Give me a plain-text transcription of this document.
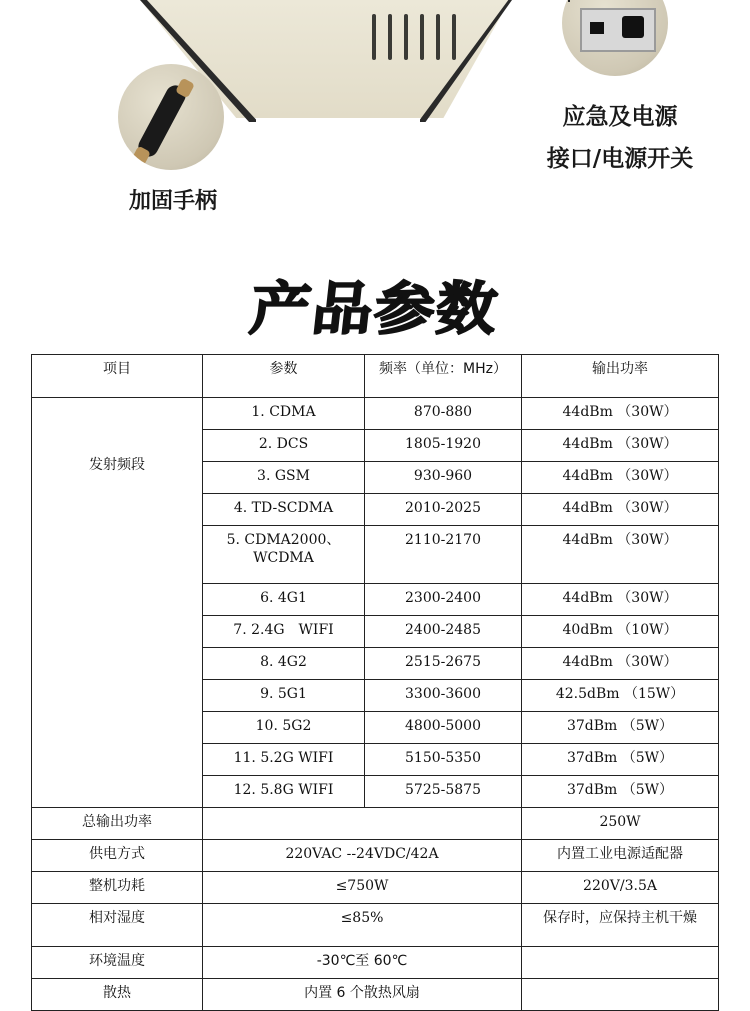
加固手柄
应急及电源
接口/电源开关
产品参数
项目	参数	频率（单位：MHz）	输出功率
发射频段	1. CDMA	870-880	44dBm （30W）
	2. DCS	1805-1920	44dBm （30W）
	3. GSM	930-960	44dBm （30W）
	4. TD-SCDMA	2010-2025	44dBm （30W）
	5. CDMA2000、WCDMA	2110-2170	44dBm （30W）
	6. 4G1	2300-2400	44dBm （30W）
	7. 2.4G　WIFI	2400-2485	40dBm （10W）
	8. 4G2	2515-2675	44dBm （30W）
	9. 5G1	3300-3600	42.5dBm （15W）
	10. 5G2	4800-5000	37dBm （5W）
	11. 5.2G WIFI	5150-5350	37dBm （5W）
	12. 5.8G WIFI	5725-5875	37dBm （5W）
总输出功率			250W
供电方式	220VAC --24VDC/42A		内置工业电源适配器
整机功耗	≤750W		220V/3.5A
相对湿度	≤85%		保存时，应保持主机干燥
环境温度	-30℃至 60℃		
散热	内置 6 个散热风扇		
